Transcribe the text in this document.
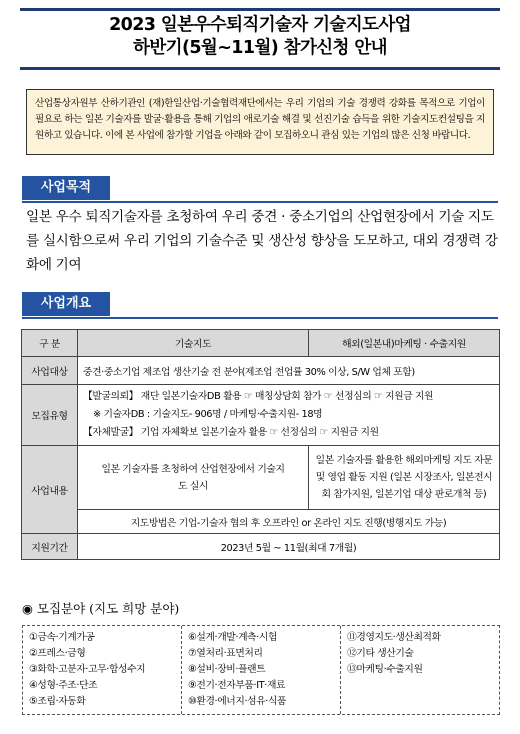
2023 일본우수퇴직기술자 기술지도사업
하반기(5월~11월) 참가신청 안내
산업통상자원부 산하기관인 (재)한일산업·기술협력재단에서는 우리 기업의 기술 경쟁력 강화를 목적으로 기업이 필요로 하는 일본 기술자를 발굴·활용을 통해 기업의 애로기술 해결 및 선진기술 습득을 위한 기술지도컨설팅을 지원하고 있습니다. 이에 본 사업에 참가할 기업을 아래와 같이 모집하오니 관심 있는 기업의 많은 신청 바랍니다.
사업목적
일본 우수 퇴직기술자를 초청하여 우리 중견 · 중소기업의 산업현장에서 기술 지도를 실시함으로써 우리 기업의 기술수준 및 생산성 향상을 도모하고, 대외 경쟁력 강화에 기여
사업개요
구 분	기술지도	해외(일본내)마케팅 · 수출지원
사업대상	중견·중소기업 제조업 생산기술 전 분야(제조업 전업률 30% 이상, S/W 업체 포함)	
모집유형	【발굴의뢰】 재단 일본기술자DB 활용 ☞ 매칭상담회 참가 ☞ 선정심의 ☞ 지원금 지원
※ 기술자DB : 기술지도- 906명 / 마케팅·수출지원- 18명
【자체발굴】 기업 자체확보 일본기술자 활용 ☞ 선정심의 ☞ 지원금 지원	

사업내용	일본 기술자를 초청하여 산업현장에서 기술지도 실시	일본 기술자를 활용한 해외마케팅 지도 자문 및 영업 활동 지원 (일본 시장조사, 일본전시회 참가지원, 일본기업 대상 판로개척 등)
	지도방법은 기업-기술자 협의 후 오프라인 or 온라인 지도 진행(병행지도 가능)	
지원기간	2023년 5월 ~ 11월(최대 7개월)	
◉ 모집분야 (지도 희망 분야)
①금속·기계가공
②프레스·금형
③화학·고분자·고무·합성수지
④성형·주조·단조
⑤조립·자동화
⑥설계·개발·계측·시험
⑦열처리·표면처리
⑧설비·장비·플랜트
⑨전기·전자부품·IT·재료
⑩환경·에너지·섬유·식품
⑪경영지도·생산최적화
⑫기타 생산기술
⑬마케팅·수출지원
